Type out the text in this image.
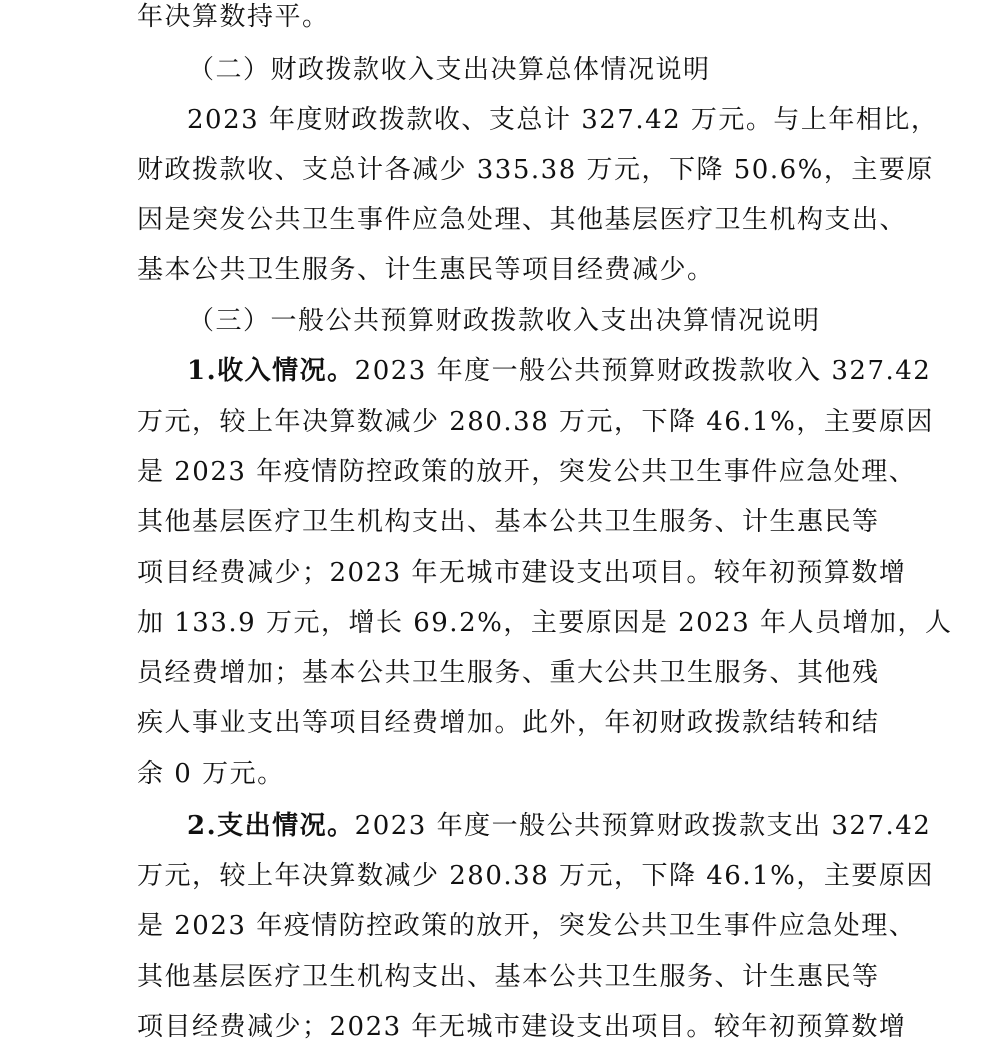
年决算数持平。
（二）财政拨款收入支出决算总体情况说明
2023 年度财政拨款收、支总计 327.42 万元。与上年相比，
财政拨款收、支总计各减少 335.38 万元，下降 50.6%，主要原
因是突发公共卫生事件应急处理、其他基层医疗卫生机构支出、
基本公共卫生服务、计生惠民等项目经费减少。
（三）一般公共预算财政拨款收入支出决算情况说明
1.收入情况。 2023 年度一般公共预算财政拨款收入 327.42
万元，较上年决算数减少 280.38 万元，下降 46.1%，主要原因
是 2023 年疫情防控政策的放开，突发公共卫生事件应急处理、
其他基层医疗卫生机构支出、基本公共卫生服务、计生惠民等
项目经费减少；2023 年无城市建设支出项目。较年初预算数增
加 133.9 万元，增长 69.2%，主要原因是 2023 年人员增加，人
员经费增加；基本公共卫生服务、重大公共卫生服务、其他残
疾人事业支出等项目经费增加。此外，年初财政拨款结转和结
余 0 万元。
2.支出情况。 2023 年度一般公共预算财政拨款支出 327.42
万元，较上年决算数减少 280.38 万元，下降 46.1%，主要原因
是 2023 年疫情防控政策的放开，突发公共卫生事件应急处理、
其他基层医疗卫生机构支出、基本公共卫生服务、计生惠民等
项目经费减少；2023 年无城市建设支出项目。较年初预算数增
